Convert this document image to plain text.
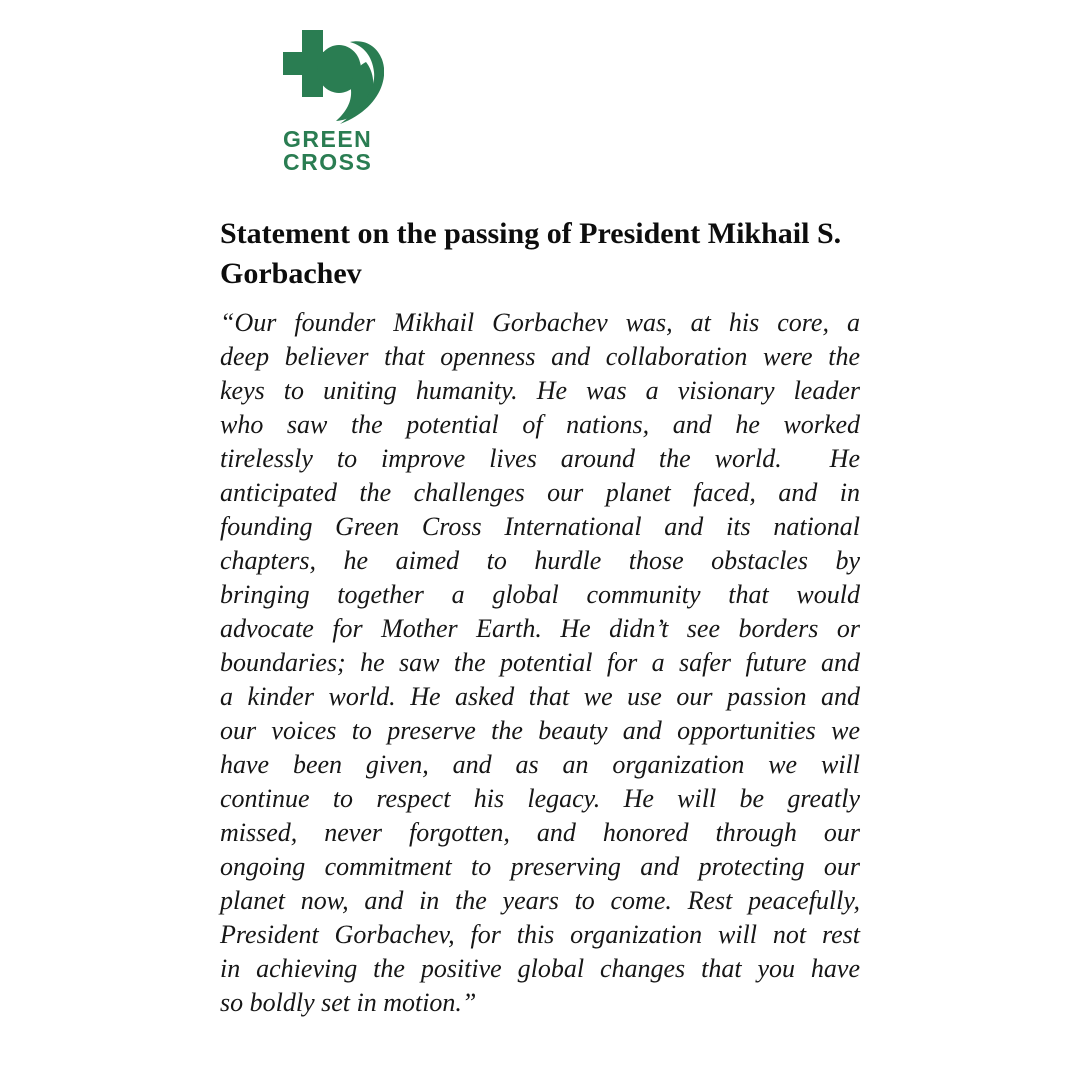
GREEN
CROSS
Statement on the passing of President Mikhail S. Gorbachev
“Our founder Mikhail Gorbachev was, at his core, a
deep believer that openness and collaboration were the
keys to uniting humanity. He was a visionary leader
who saw the potential of nations, and he worked
tirelessly to improve lives around the world.  He
anticipated the challenges our planet faced, and in
founding Green Cross International and its national
chapters, he aimed to hurdle those obstacles by
bringing together a global community that would
advocate for Mother Earth. He didn’t see borders or
boundaries; he saw the potential for a safer future and
a kinder world. He asked that we use our passion and
our voices to preserve the beauty and opportunities we
have been given, and as an organization we will
continue to respect his legacy. He will be greatly
missed, never forgotten, and honored through our
ongoing commitment to preserving and protecting our
planet now, and in the years to come. Rest peacefully,
President Gorbachev, for this organization will not rest
in achieving the positive global changes that you have
so boldly set in motion.”
